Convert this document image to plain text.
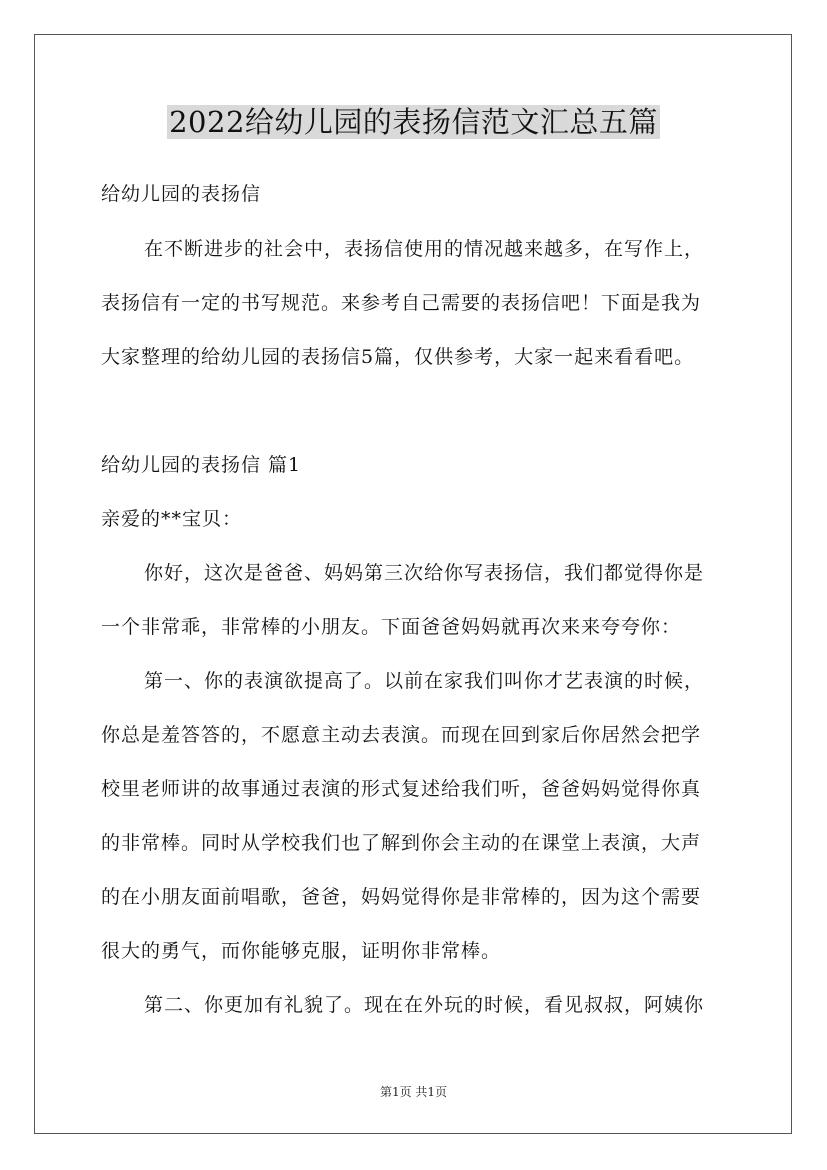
2022给幼儿园的表扬信范文汇总五篇

给幼儿园的表扬信

在不断进步的社会中，表扬信使用的情况越来越多，在写作上，

表扬信有一定的书写规范。来参考自己需要的表扬信吧！下面是我为

大家整理的给幼儿园的表扬信5篇，仅供参考，大家一起来看看吧。

给幼儿园的表扬信 篇1

亲爱的**宝贝：

你好，这次是爸爸、妈妈第三次给你写表扬信，我们都觉得你是

一个非常乖，非常棒的小朋友。下面爸爸妈妈就再次来来夸夸你：

第一、你的表演欲提高了。以前在家我们叫你才艺表演的时候，

你总是羞答答的，不愿意主动去表演。而现在回到家后你居然会把学

校里老师讲的故事通过表演的形式复述给我们听，爸爸妈妈觉得你真

的非常棒。同时从学校我们也了解到你会主动的在课堂上表演，大声

的在小朋友面前唱歌，爸爸，妈妈觉得你是非常棒的，因为这个需要

很大的勇气，而你能够克服，证明你非常棒。

第二、你更加有礼貌了。现在在外玩的时候，看见叔叔，阿姨你

第1页 共1页
